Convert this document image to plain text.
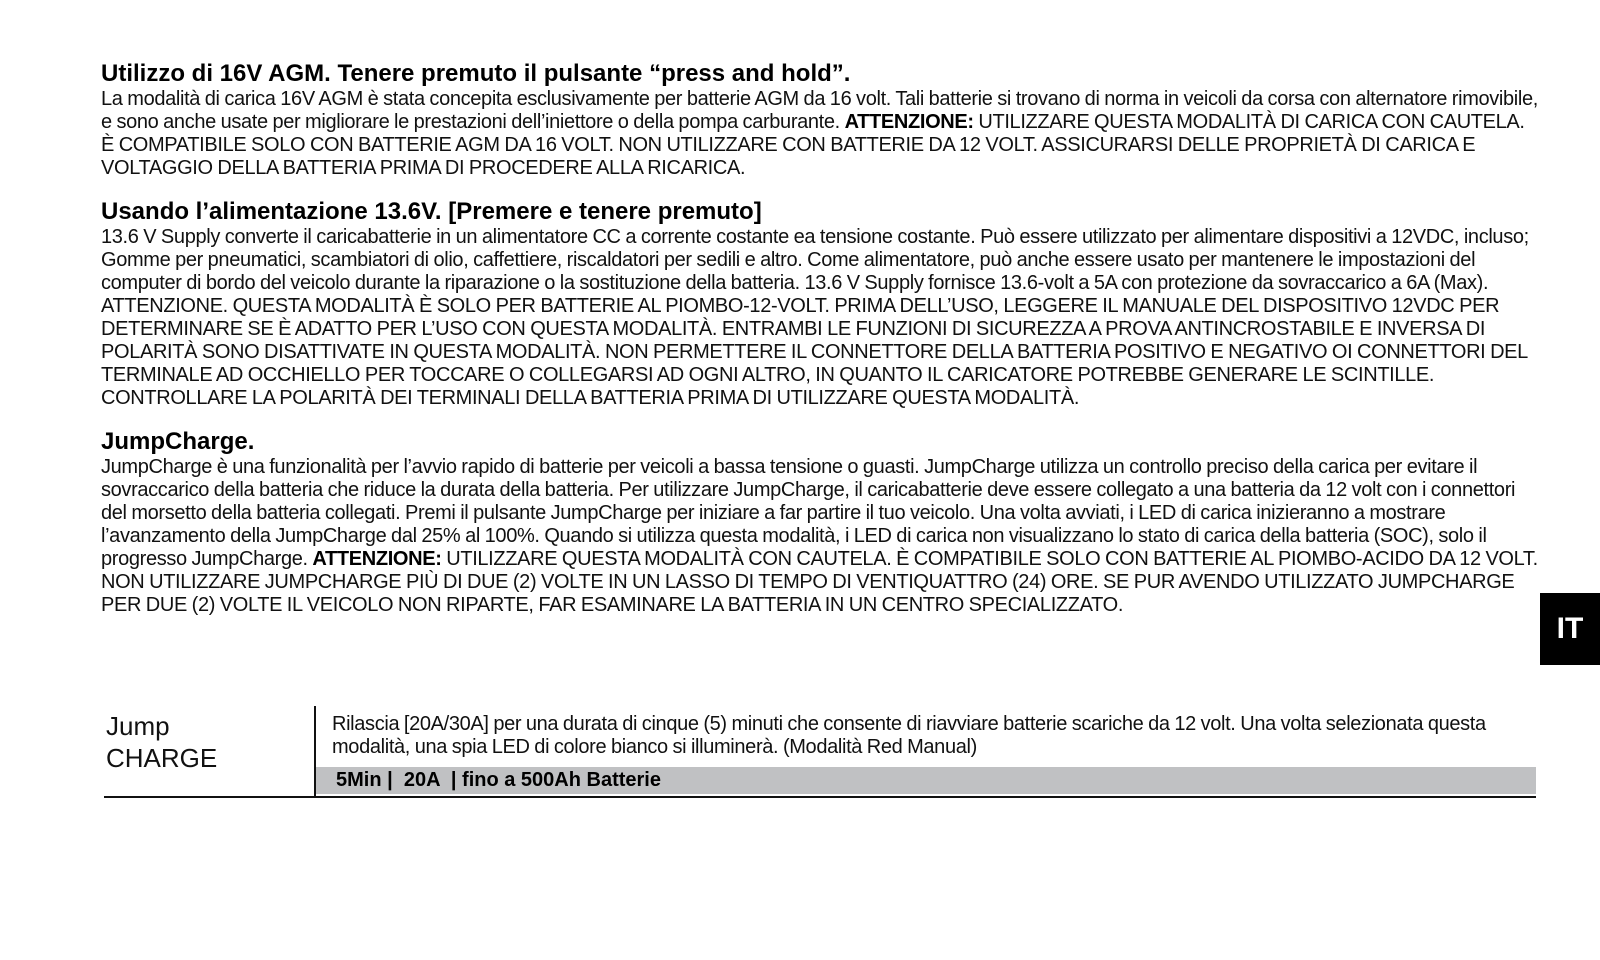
Utilizzo di 16V AGM. Tenere premuto il pulsante “press and hold”.

La modalità di carica 16V AGM è stata concepita esclusivamente per batterie AGM da 16 volt. Tali batterie si trovano di norma in veicoli da corsa con alternatore rimovibile, e sono anche usate per migliorare le prestazioni dell’iniettore o della pompa carburante. ATTENZIONE: UTILIZZARE QUESTA MODALITÀ DI CARICA CON CAUTELA. È COMPATIBILE SOLO CON BATTERIE AGM DA 16 VOLT. NON UTILIZZARE CON BATTERIE DA 12 VOLT. ASSICURARSI DELLE PROPRIETÀ DI CARICA E VOLTAGGIO DELLA BATTERIA PRIMA DI PROCEDERE ALLA RICARICA.

Usando l’alimentazione 13.6V. [Premere e tenere premuto]

13.6 V Supply converte il caricabatterie in un alimentatore CC a corrente costante ea tensione costante. Può essere utilizzato per alimentare dispositivi a 12VDC, incluso; Gomme per pneumatici, scambiatori di olio, caffettiere, riscaldatori per sedili e altro. Come alimentatore, può anche essere usato per mantenere le impostazioni del computer di bordo del veicolo durante la riparazione o la sostituzione della batteria. 13.6 V Supply fornisce 13.6-volt a 5A con protezione da sovraccarico a 6A (Max). ATTENZIONE. QUESTA MODALITÀ È SOLO PER BATTERIE AL PIOMBO-12-VOLT. PRIMA DELL’USO, LEGGERE IL MANUALE DEL DISPOSITIVO 12VDC PER DETERMINARE SE È ADATTO PER L’USO CON QUESTA MODALITÀ. ENTRAMBI LE FUNZIONI DI SICUREZZA A PROVA ANTINCROSTABILE E INVERSA DI POLARITÀ SONO DISATTIVATE IN QUESTA MODALITÀ. NON PERMETTERE IL CONNETTORE DELLA BATTERIA POSITIVO E NEGATIVO OI CONNETTORI DEL TERMINALE AD OCCHIELLO PER TOCCARE O COLLEGARSI AD OGNI ALTRO, IN QUANTO IL CARICATORE POTREBBE GENERARE LE SCINTILLE. CONTROLLARE LA POLARITÀ DEI TERMINALI DELLA BATTERIA PRIMA DI UTILIZZARE QUESTA MODALITÀ.

JumpCharge.

JumpCharge è una funzionalità per l’avvio rapido di batterie per veicoli a bassa tensione o guasti. JumpCharge utilizza un controllo preciso della carica per evitare il sovraccarico della batteria che riduce la durata della batteria. Per utilizzare JumpCharge, il caricabatterie deve essere collegato a una batteria da 12 volt con i connettori del morsetto della batteria collegati. Premi il pulsante JumpCharge per iniziare a far partire il tuo veicolo. Una volta avviati, i LED di carica inizieranno a mostrare l’avanzamento della JumpCharge dal 25% al 100%. Quando si utilizza questa modalità, i LED di carica non visualizzano lo stato di carica della batteria (SOC), solo il progresso JumpCharge. ATTENZIONE: UTILIZZARE QUESTA MODALITÀ CON CAUTELA. È COMPATIBILE SOLO CON BATTERIE AL PIOMBO-ACIDO DA 12 VOLT. NON UTILIZZARE JUMPCHARGE PIÙ DI DUE (2) VOLTE IN UN LASSO DI TEMPO DI VENTIQUATTRO (24) ORE. SE PUR AVENDO UTILIZZATO JUMPCHARGE PER DUE (2) VOLTE IL VEICOLO NON RIPARTE, FAR ESAMINARE LA BATTERIA IN UN CENTRO SPECIALIZZATO.

Jump
CHARGE
Rilascia [20A/30A] per una durata di cinque (5) minuti che consente di riavviare batterie scariche da 12 volt. Una volta selezionata questa modalità, una spia LED di colore bianco si illuminerà. (Modalità Red Manual)
5Min |  20A  | fino a 500Ah Batterie
IT
